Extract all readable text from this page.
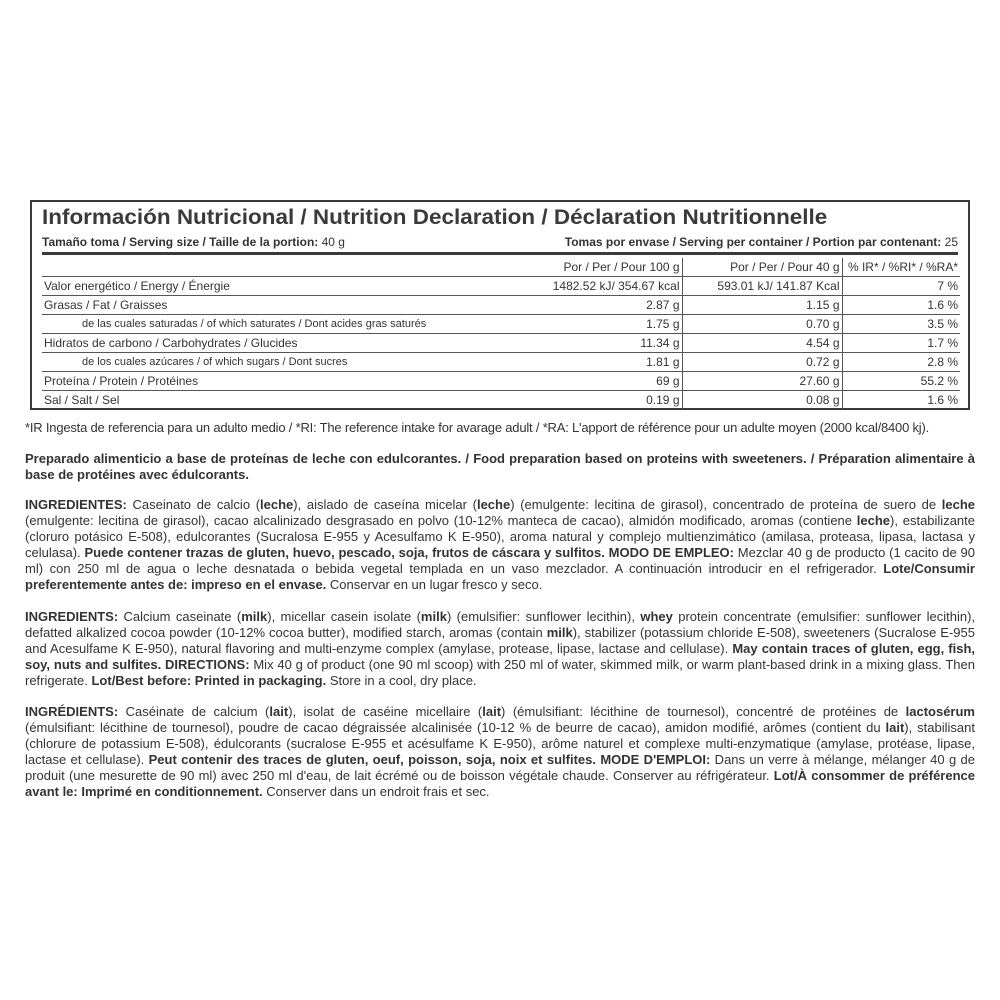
Información Nutricional / Nutrition Declaration / Déclaration Nutritionnelle
Tamaño toma / Serving size / Taille de la portion: 40 g	Tomas por envase / Serving per container / Portion par contenant: 25
	Por / Per / Pour 100 g	Por / Per / Pour 40 g	% IR* / %RI* / %RA*
Valor energético / Energy / Énergie	1482.52 kJ/ 354.67 kcal	593.01 kJ/ 141.87 Kcal	7 %
Grasas / Fat / Graisses	2.87 g	1.15 g	1.6 %
de las cuales saturadas / of which saturates / Dont acides gras saturés	1.75 g	0.70 g	3.5 %
Hidratos de carbono / Carbohydrates / Glucides	11.34 g	4.54 g	1.7 %
de los cuales azúcares / of which sugars / Dont sucres	1.81 g	0.72 g	2.8 %
Proteína / Protein / Protéines	69 g	27.60 g	55.2 %
Sal / Salt / Sel	0.19 g	0.08 g	1.6 %
*IR Ingesta de referencia para un adulto medio / *RI: The reference intake for avarage adult / *RA: L'apport de référence pour un adulte moyen (2000 kcal/8400 kj).
Preparado alimenticio a base de proteínas de leche con edulcorantes. / Food preparation based on proteins with sweeteners. / Préparation alimentaire à base de protéines avec édulcorants.
INGREDIENTES: Caseinato de calcio (leche), aislado de caseína micelar (leche) (emulgente: lecitina de girasol), concentrado de proteína de suero de leche (emulgente: lecitina de girasol), cacao alcalinizado desgrasado en polvo (10-12% manteca de cacao), almidón modificado, aromas (contiene leche), estabilizante (cloruro potásico E-508), edulcorantes (Sucralosa E-955 y Acesulfamo K E-950), aroma natural y complejo multienzimático (amilasa, proteasa, lipasa, lactasa y celulasa). Puede contener trazas de gluten, huevo, pescado, soja, frutos de cáscara y sulfitos. MODO DE EMPLEO: Mezclar 40 g de producto (1 cacito de 90 ml) con 250 ml de agua o leche desnatada o bebida vegetal templada en un vaso mezclador. A continuación introducir en el refrigerador. Lote/Consumir preferentemente antes de: impreso en el envase. Conservar en un lugar fresco y seco.
INGREDIENTS: Calcium caseinate (milk), micellar casein isolate (milk) (emulsifier: sunflower lecithin), whey protein concentrate (emulsifier: sunflower lecithin), defatted alkalized cocoa powder (10-12% cocoa butter), modified starch, aromas (contain milk), stabilizer (potassium chloride E-508), sweeteners (Sucralose E-955 and Acesulfame K E-950), natural flavoring and multi-enzyme complex (amylase, protease, lipase, lactase and cellulase). May contain traces of gluten, egg, fish, soy, nuts and sulfites. DIRECTIONS: Mix 40 g of product (one 90 ml scoop) with 250 ml of water, skimmed milk, or warm plant-based drink in a mixing glass. Then refrigerate. Lot/Best before: Printed in packaging. Store in a cool, dry place.
INGRÉDIENTS: Caséinate de calcium (lait), isolat de caséine micellaire (lait) (émulsifiant: lécithine de tournesol), concentré de protéines de lactosérum (émulsifiant: lécithine de tournesol), poudre de cacao dégraissée alcalinisée (10-12 % de beurre de cacao), amidon modifié, arômes (contient du lait), stabilisant (chlorure de potassium E-508), édulcorants (sucralose E-955 et acésulfame K E-950), arôme naturel et complexe multi-enzymatique (amylase, protéase, lipase, lactase et cellulase). Peut contenir des traces de gluten, oeuf, poisson, soja, noix et sulfites. MODE D'EMPLOI: Dans un verre à mélange, mélanger 40 g de produit (une mesurette de 90 ml) avec 250 ml d'eau, de lait écrémé ou de boisson végétale chaude. Conserver au réfrigérateur. Lot/À consommer de préférence avant le: Imprimé en conditionnement. Conserver dans un endroit frais et sec.
